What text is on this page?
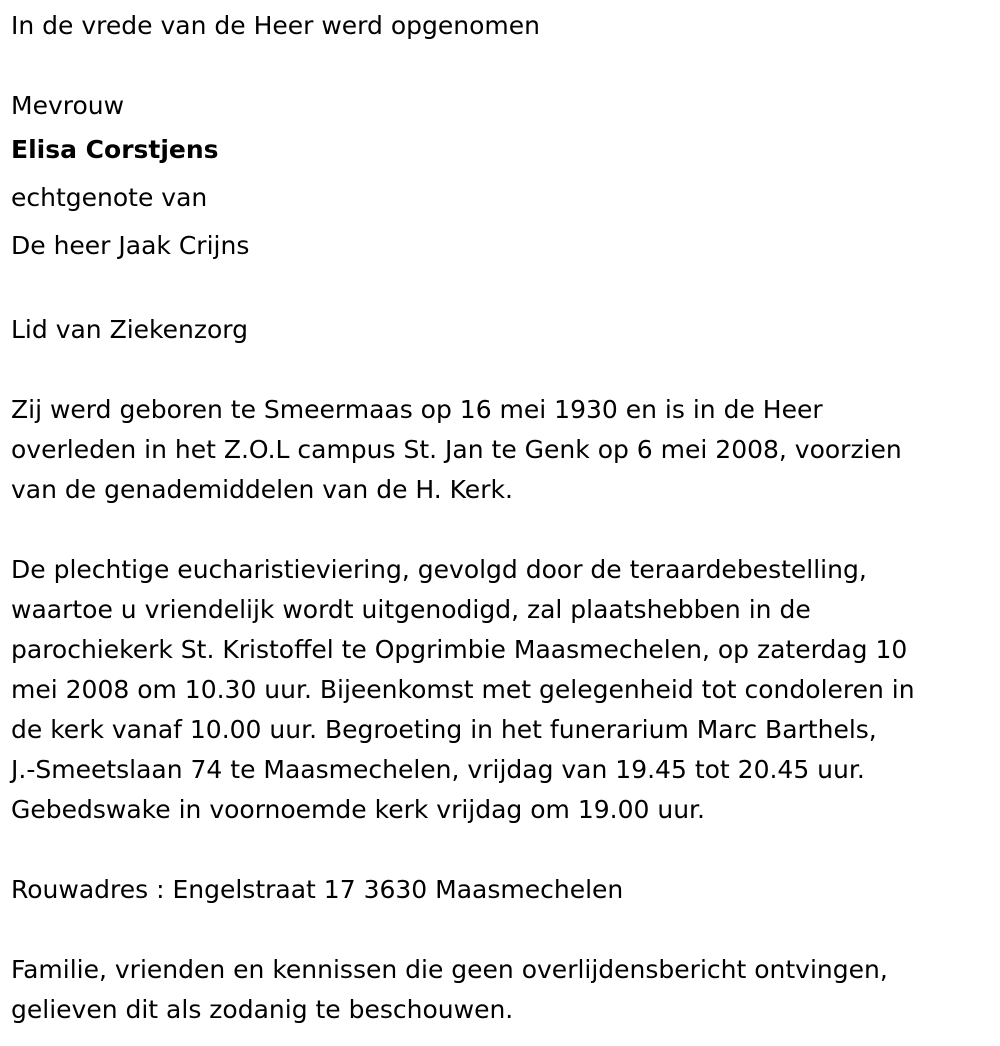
In de vrede van de Heer werd opgenomen
Mevrouw
Elisa Corstjens
echtgenote van
De heer Jaak Crijns
Lid van Ziekenzorg
Zij werd geboren te Smeermaas op 16 mei 1930 en is in de Heer
overleden in het Z.O.L campus St. Jan te Genk op 6 mei 2008, voorzien
van de genademiddelen van de H. Kerk.
De plechtige eucharistieviering, gevolgd door de teraardebestelling,
waartoe u vriendelijk wordt uitgenodigd, zal plaatshebben in de
parochiekerk St. Kristoffel te Opgrimbie Maasmechelen, op zaterdag 10
mei 2008 om 10.30 uur. Bijeenkomst met gelegenheid tot condoleren in
de kerk vanaf 10.00 uur. Begroeting in het funerarium Marc Barthels,
J.-Smeetslaan 74 te Maasmechelen, vrijdag van 19.45 tot 20.45 uur.
Gebedswake in voornoemde kerk vrijdag om 19.00 uur.
Rouwadres : Engelstraat 17 3630 Maasmechelen
Familie, vrienden en kennissen die geen overlijdensbericht ontvingen,
gelieven dit als zodanig te beschouwen.
